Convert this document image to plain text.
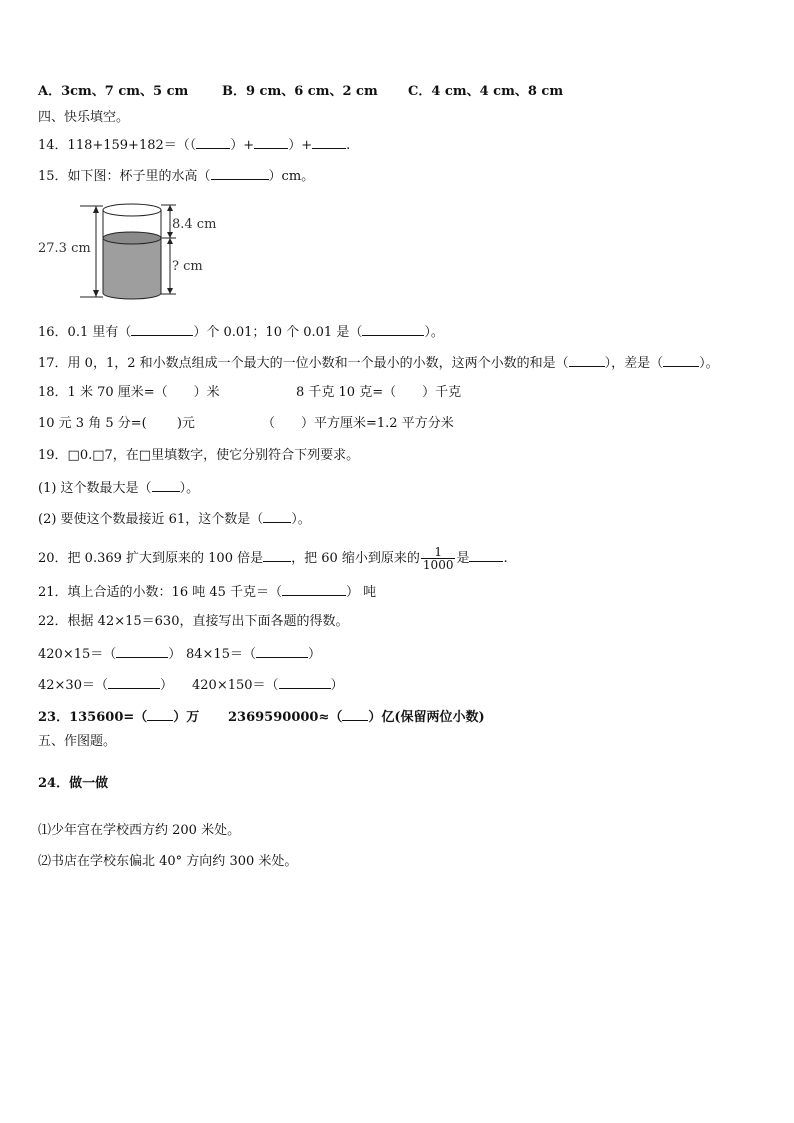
A．3cm、7 cm、5 cm	B．9 cm、6 cm、2 cm C．4 cm、4 cm、8 cm
四、快乐填空。
14．118+159+182＝（（	）+	）+	.
15．如下图：杯子里的水高（	）cm。
27.3 cm
8.4 cm
? cm
16．0.1 里有（	）个 0.01；10 个 0.01 是（	）。
17．用 0，1，2 和小数点组成一个最大的一位小数和一个最小的小数，这两个小数的和是（	），差是（	）。
18．1 米 70 厘米=（　　）米	8 千克 10 克=（　　）千克
10 元 3 角 5 分=(　　 )元	（　　）平方厘米=1.2 平方分米
19．□0.□7，在□里填数字，使它分别符合下列要求。
(1) 这个数最大是（ ）。
(2) 要使这个数最接近 61，这个数是（ ）。
20．把 0.369 扩大到原来的 100 倍是 ，把 60 缩小到原来的 $\frac{1}{1000}$ 是	.
21．填上合适的小数：16 吨 45 千克＝（	） 吨
22．根据 42×15＝630，直接写出下面各题的得数。
420×15＝（	） 84×15＝（	）
42×30＝（	） 420×150＝（	）
23．135600=（ ）万 2369590000≈（ ）亿(保留两位小数)
五、作图题。
24．做一做
⑴少年宫在学校西方约 200 米处。
⑵书店在学校东偏北 40° 方向约 300 米处。
